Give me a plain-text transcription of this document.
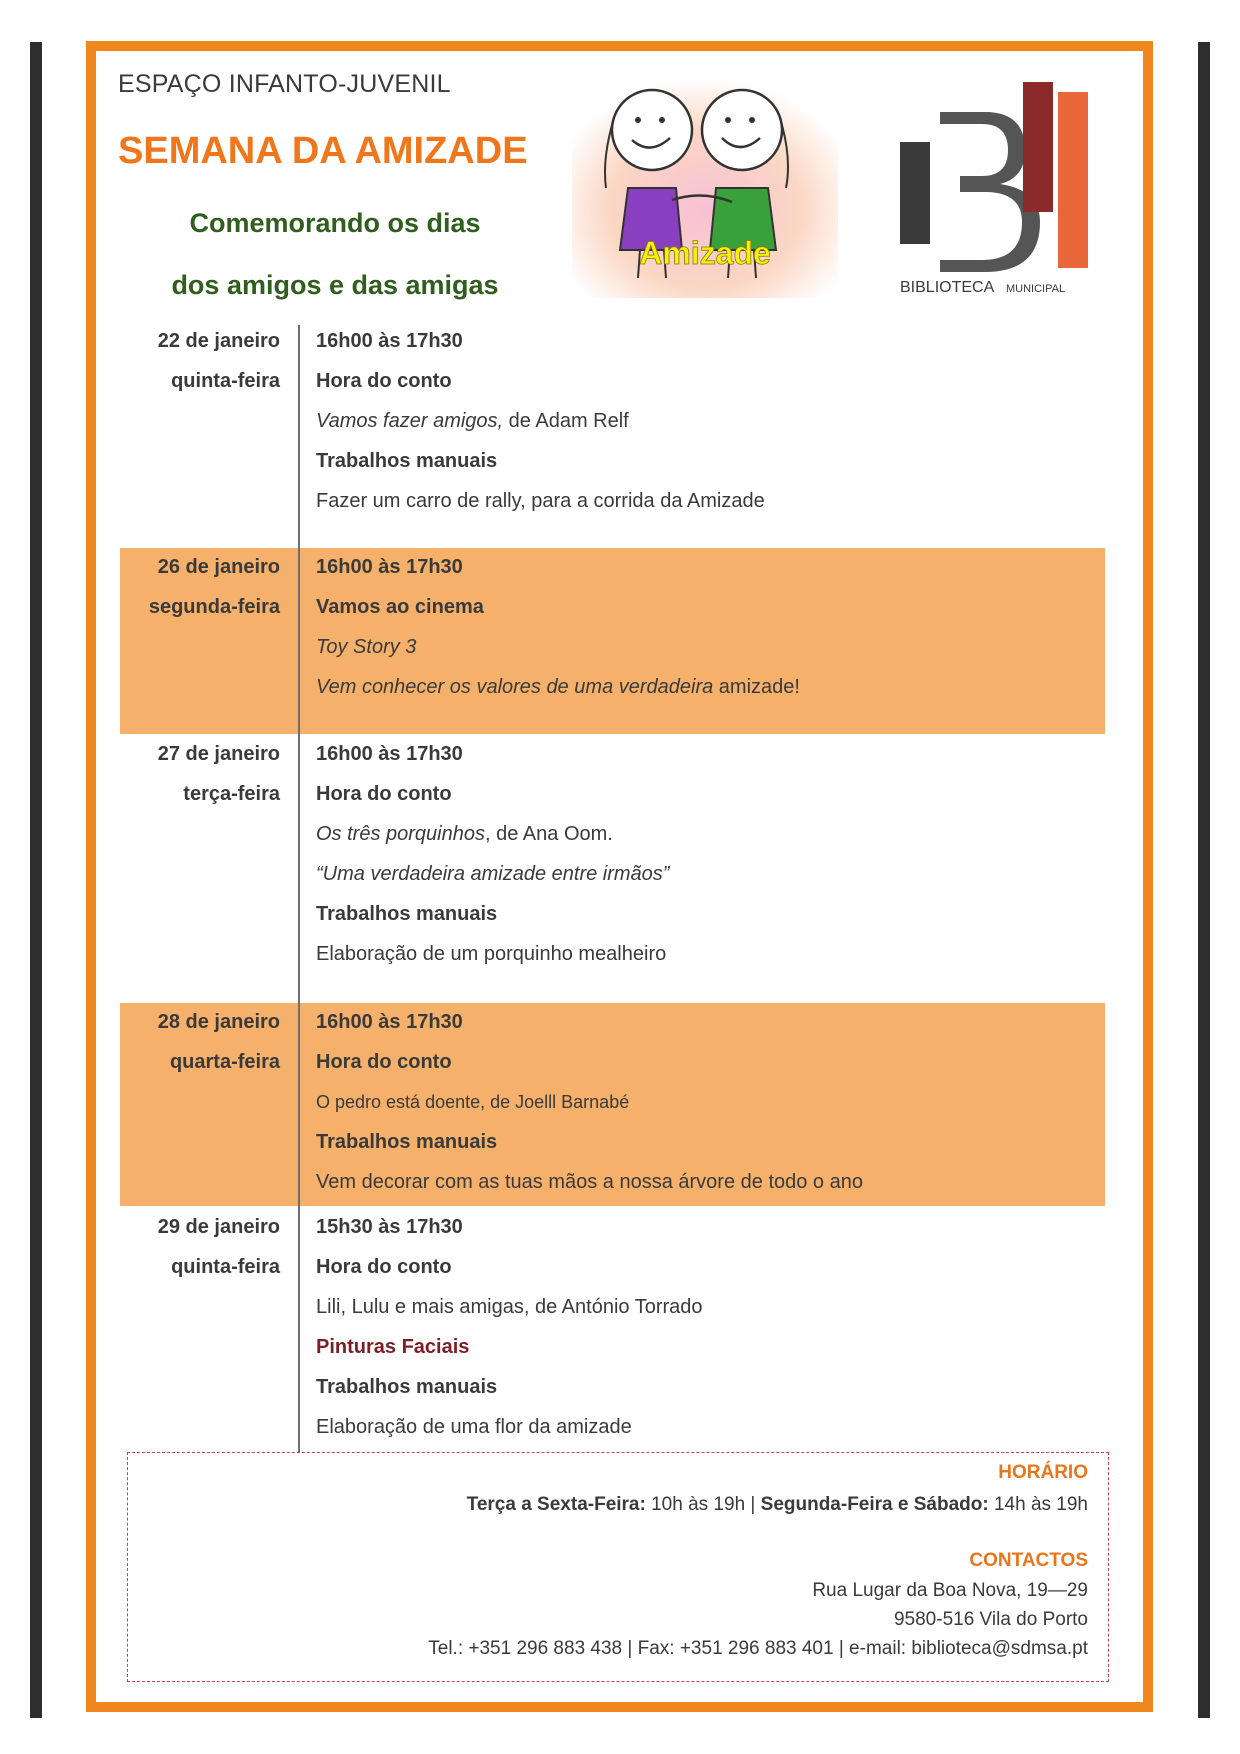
ESPAÇO INFANTO-JUVENIL
SEMANA DA AMIZADE
Comemorando os dias
dos amigos e das amigas
Amizade
BIBLIOTECA MUNICIPAL
22 de janeiro
quinta-feira
16h00 às 17h30
Hora do conto
Vamos fazer amigos, de Adam Relf
Trabalhos manuais
Fazer um carro de rally, para a corrida da Amizade
26 de janeiro
segunda-feira
16h00 às 17h30
Vamos ao cinema
Toy Story 3
Vem conhecer os valores de uma verdadeira amizade!
27 de janeiro
terça-feira
16h00 às 17h30
Hora do conto
Os três porquinhos, de Ana Oom.
“Uma verdadeira amizade entre irmãos”
Trabalhos manuais
Elaboração de um porquinho mealheiro
28 de janeiro
quarta-feira
16h00 às 17h30
Hora do conto
O pedro está doente, de Joelll Barnabé
Trabalhos manuais
Vem decorar com as tuas mãos a nossa árvore de todo o ano
29 de janeiro
quinta-feira
15h30 às 17h30
Hora do conto
Lili, Lulu e mais amigas, de António Torrado
Pinturas Faciais
Trabalhos manuais
Elaboração de uma flor da amizade
HORÁRIO
Terça a Sexta-Feira: 10h às 19h | Segunda-Feira e Sábado: 14h às 19h
CONTACTOS
Rua Lugar da Boa Nova, 19—29
9580-516 Vila do Porto
Tel.: +351 296 883 438 | Fax: +351 296 883 401 | e-mail: biblioteca@sdmsa.pt
